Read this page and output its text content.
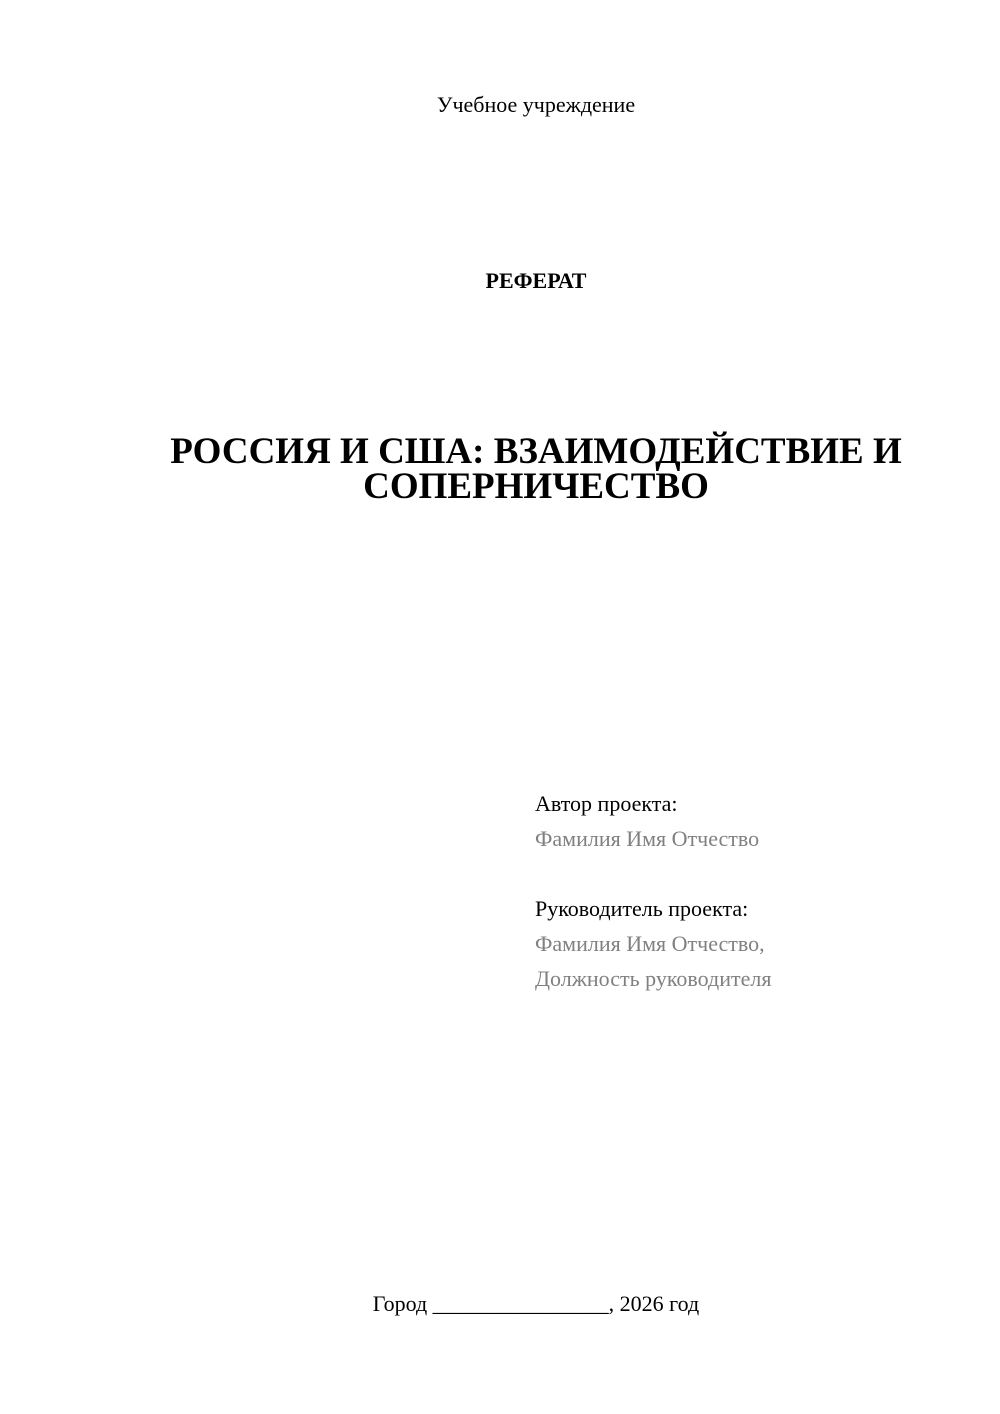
Учебное учреждение
РЕФЕРАТ
РОССИЯ И США: ВЗАИМОДЕЙСТВИЕ И
СОПЕРНИЧЕСТВО
Автор проекта:
Фамилия Имя Отчество
Руководитель проекта:
Фамилия Имя Отчество,
Должность руководителя
Город ________________, 2026 год
